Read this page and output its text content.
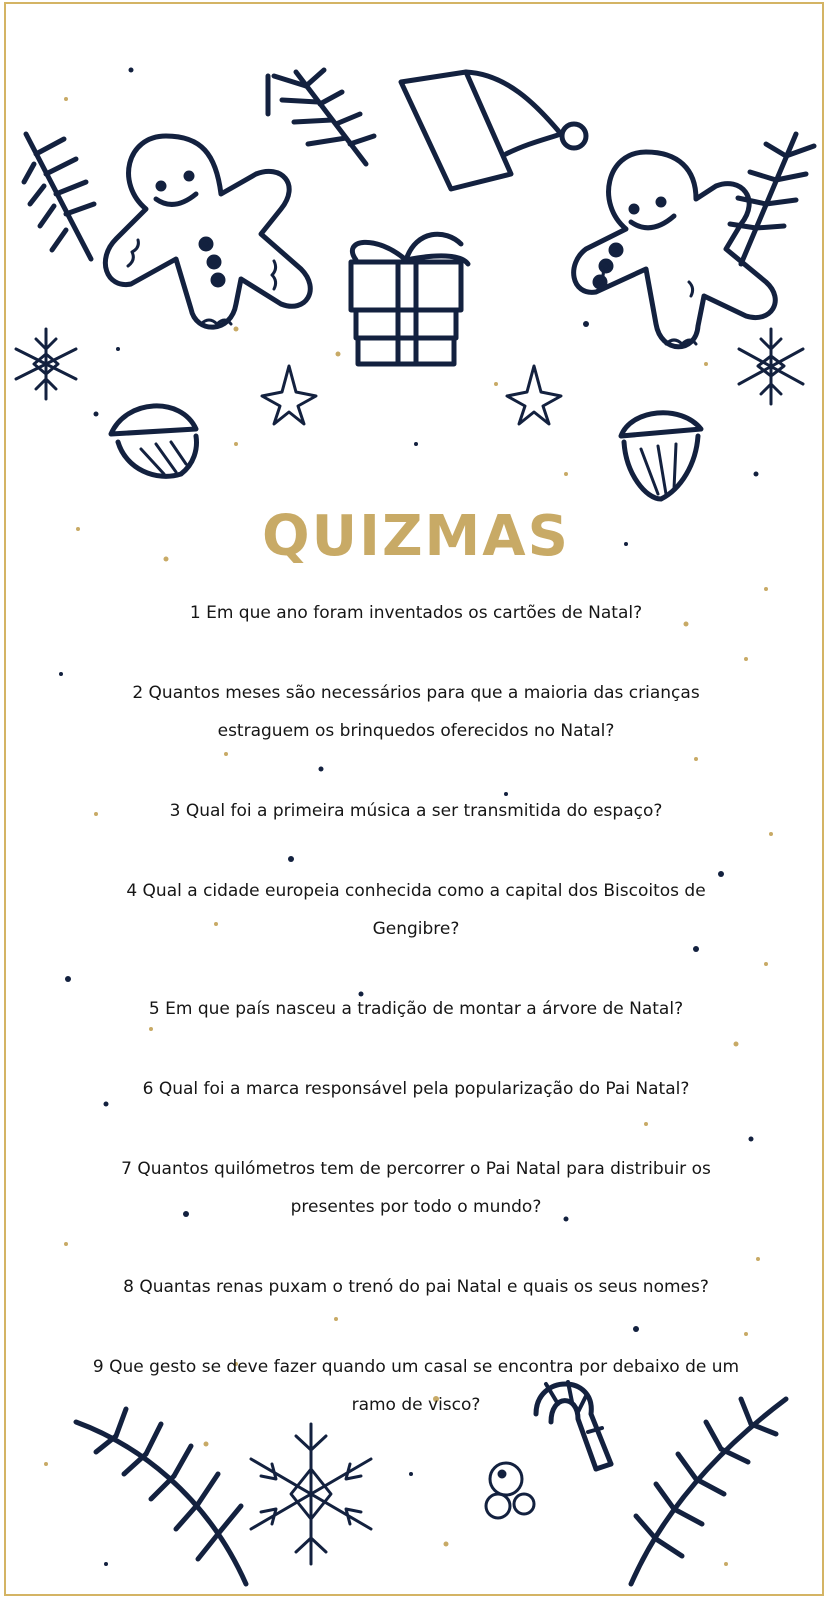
QUIZMAS
1 Em que ano foram inventados os cartões de Natal?
2 Quantos meses são necessários para que a maioria das crianças estraguem os brinquedos oferecidos no Natal?
3 Qual foi a primeira música a ser transmitida do espaço?
4 Qual a cidade europeia conhecida como a capital dos Biscoitos de Gengibre?
5 Em que país nasceu a tradição de montar a árvore de Natal?
6 Qual foi a marca responsável pela popularização do Pai Natal?
7 Quantos quilómetros tem de percorrer o Pai Natal para distribuir os presentes por todo o mundo?
8 Quantas renas puxam o trenó do pai Natal e quais os seus nomes?
9 Que gesto se deve fazer quando um casal se encontra por debaixo de um ramo de visco?
